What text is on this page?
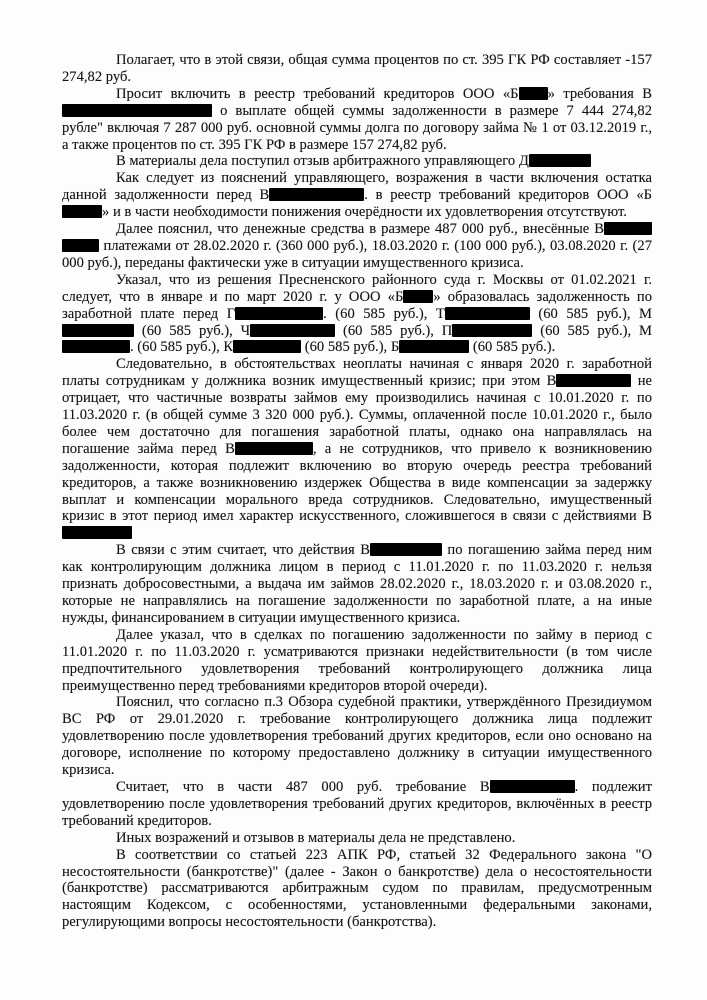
Полагает, что в этой связи, общая сумма процентов по ст. 395 ГК РФ составляет -157 274,82 руб.

Просит включить в реестр требований кредиторов ООО «Б » требования В о выплате общей суммы задолженности в размере 7 444 274,82 рубле" включая 7 287 000 руб. основной суммы долга по договору займа № 1 от 03.12.2019 г., а также процентов по ст. 395 ГК РФ в размере 157 274,82 руб.

В материалы дела поступил отзыв арбитражного управляющего Д

Как следует из пояснений управляющего, возражения в части включения остатка данной задолженности перед В	. в реестр требований кредиторов ООО «Б» и в части необходимости понижения очерёдности их удовлетворения отсутствуют.

Далее пояснил, что денежные средства в размере 487 000 руб., внесённые В платежами от 28.02.2020 г. (360 000 руб.), 18.03.2020 г. (100 000 руб.), 03.08.2020 г. (27 000 руб.), переданы фактически уже в ситуации имущественного кризиса.

Указал, что из решения Пресненского районного суда г. Москвы от 01.02.2021 г. следует, что в январе и по март 2020 г. у ООО «Б » образовалась задолженность по заработной плате перед Г	. (60 585 руб.), Т	(60 585 руб.), М (60 585 руб.), Ч	(60 585 руб.), П	(60 585 руб.), М. (60 585 руб.), К	(60 585 руб.), Б	(60 585 руб.).

Следовательно, в обстоятельствах неоплаты начиная с января 2020 г. заработной платы сотрудникам у должника возник имущественный кризис; при этом В	не отрицает, что частичные возвраты займов ему производились начиная с 10.01.2020 г. по 11.03.2020 г. (в общей сумме 3 320 000 руб.). Суммы, оплаченной после 10.01.2020 г., было более чем достаточно для погашения заработной платы, однако она направлялась на погашение займа перед В	, а не сотрудников, что привело к возникновению задолженности, которая подлежит включению во вторую очередь реестра требований кредиторов, а также возникновению издержек Общества в виде компенсации за задержку выплат и компенсации морального вреда сотрудников. Следовательно, имущественный кризис в этот период имел характер искусственного, сложившегося в связи с действиями В

В связи с этим считает, что действия В	по погашению займа перед ним как контролирующим должника лицом в период с 11.01.2020 г. по 11.03.2020 г. нельзя признать добросовестными, а выдача им займов 28.02.2020 г., 18.03.2020 г. и 03.08.2020 г., которые не направлялись на погашение задолженности по заработной плате, а на иные нужды, финансированием в ситуации имущественного кризиса.

Далее указал, что в сделках по погашению задолженности по займу в период с 11.01.2020 г. по 11.03.2020 г. усматриваются признаки недействительности (в том числе предпочтительного удовлетворения требований контролирующего должника лица преимущественно перед требованиями кредиторов второй очереди).

Пояснил, что согласно п.3 Обзора судебной практики, утверждённого Президиумом ВС РФ от 29.01.2020 г. требование контролирующего должника лица подлежит удовлетворению после удовлетворения требований других кредиторов, если оно основано на договоре, исполнение по которому предоставлено должнику в ситуации имущественного кризиса.

Считает, что в части 487 000 руб. требование В	. подлежит удовлетворению после удовлетворения требований других кредиторов, включённых в реестр требований кредиторов.

Иных возражений и отзывов в материалы дела не представлено.

В соответствии со статьей 223 АПК РФ, статьей 32 Федерального закона "О несостоятельности (банкротстве)" (далее - Закон о банкротстве) дела о несостоятельности (банкротстве) рассматриваются арбитражным судом по правилам, предусмотренным настоящим Кодексом, с особенностями, установленными федеральными законами, регулирующими вопросы несостоятельности (банкротства).
